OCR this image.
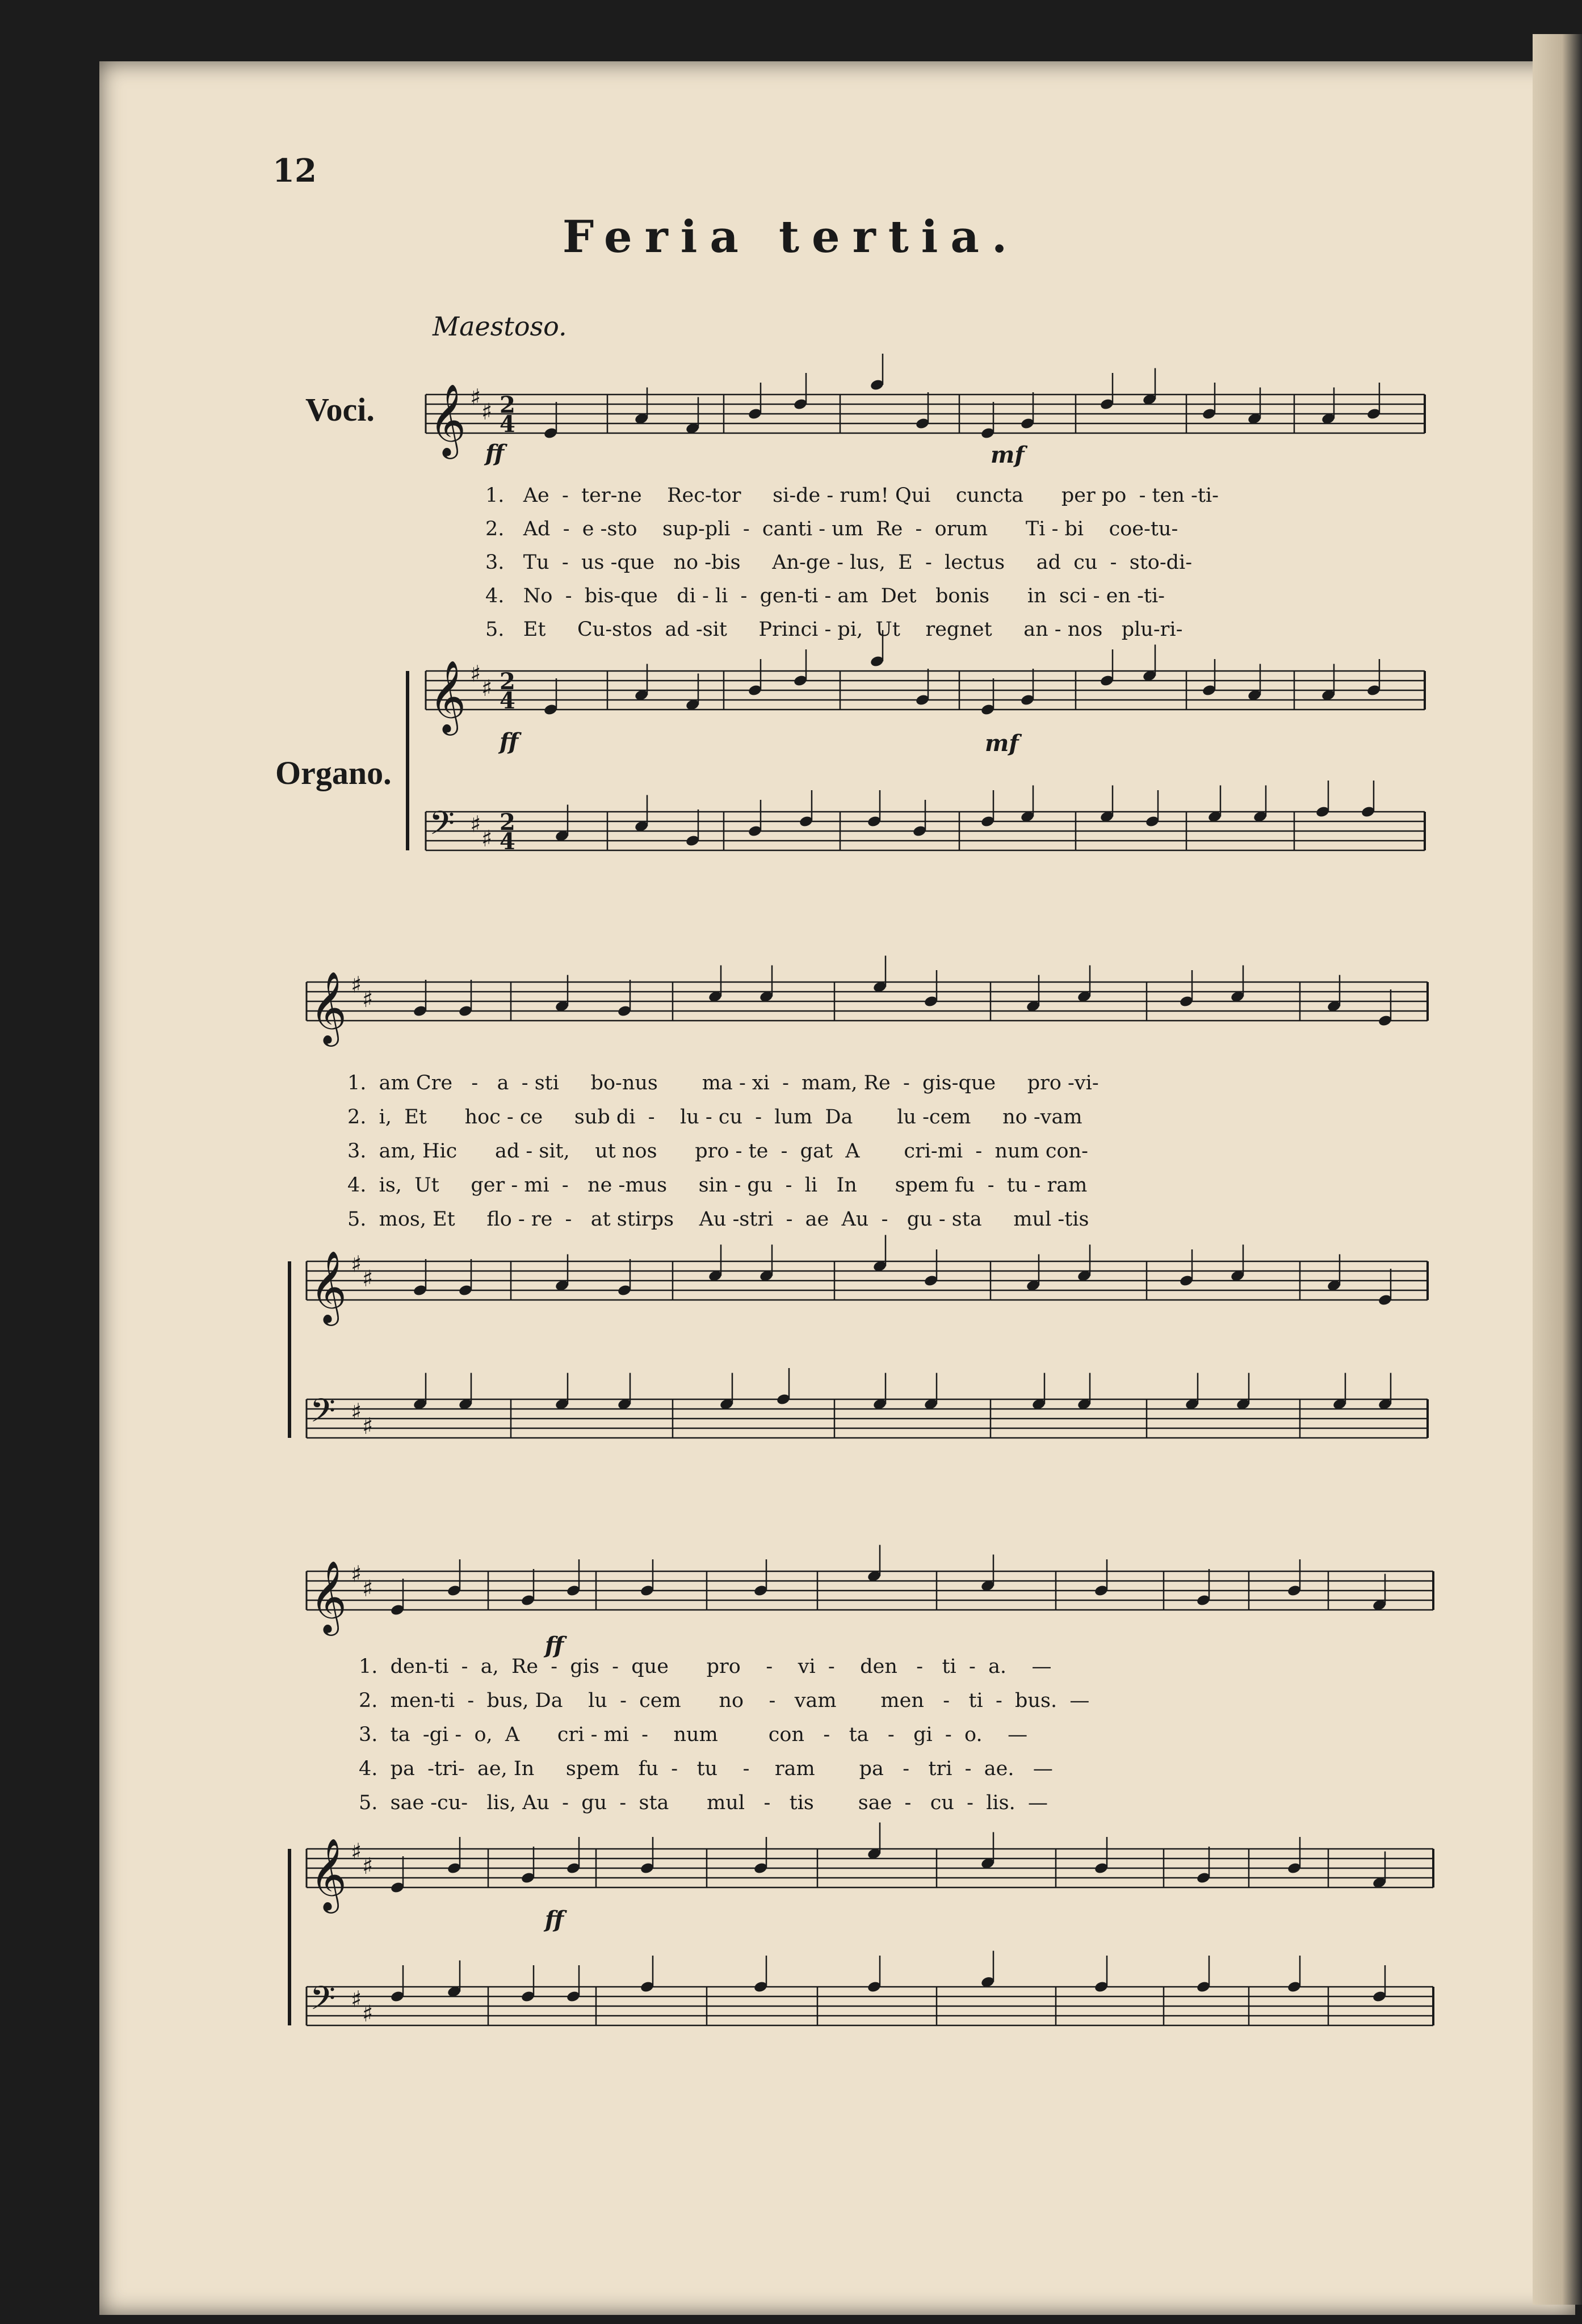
12
Feria tertia.
Maestoso.
Voci.
Organo.
1.   Ae  -  ter-ne    Rec-tor     si-de - rum! Qui    cuncta      per po  - ten -ti-
2.   Ad  -  e -sto    sup-pli  -  canti - um  Re  -  orum      Ti - bi    coe-tu-
3.   Tu  -  us -que   no -bis     An-ge - lus,  E  -  lectus     ad  cu  -  sto-di-
4.   No  -  bis-que   di - li  -  gen-ti - am  Det   bonis      in  sci - en -ti-
5.   Et     Cu-stos  ad -sit     Princi - pi,  Ut    regnet     an - nos   plu-ri-
1.  am Cre   -   a  - sti     bo-nus       ma - xi  -  mam, Re  -  gis-que     pro -vi-
2.  i,  Et      hoc - ce     sub di  -    lu - cu  -  lum  Da       lu -cem     no -vam
3.  am, Hic      ad - sit,    ut nos      pro - te  -  gat  A       cri-mi  -  num con-
4.  is,  Ut     ger - mi  -   ne -mus     sin - gu  -  li   In      spem fu  -  tu - ram
5.  mos, Et     flo - re  -   at stirps    Au -stri  -  ae  Au  -   gu - sta     mul -tis
1.  den-ti  -  a,  Re  -  gis  -  que      pro    -    vi  -    den   -   ti  -  a.    —
2.  men-ti  -  bus, Da    lu  -  cem      no    -   vam       men   -   ti  -  bus.  —
3.  ta  -gi -  o,  A      cri - mi  -    num        con   -   ta   -   gi  -  o.    —
4.  pa  -tri-  ae, In     spem   fu  -   tu    -    ram       pa   -   tri  -  ae.   —
5.  sae -cu-   lis, Au  -  gu  -  sta      mul   -   tis       sae  -   cu  -  lis.  —
𝄞 ♯
♯ 2
4
𝄞 ♯
♯ 2
4
𝄢 ♯
♯
2
4
𝄞 ♯
♯
𝄞 ♯
♯
𝄢 ♯
♯
𝄞 ♯
♯
𝄞 ♯
♯
𝄢 ♯
♯
ff	mf
ff	mf
ff
ff
